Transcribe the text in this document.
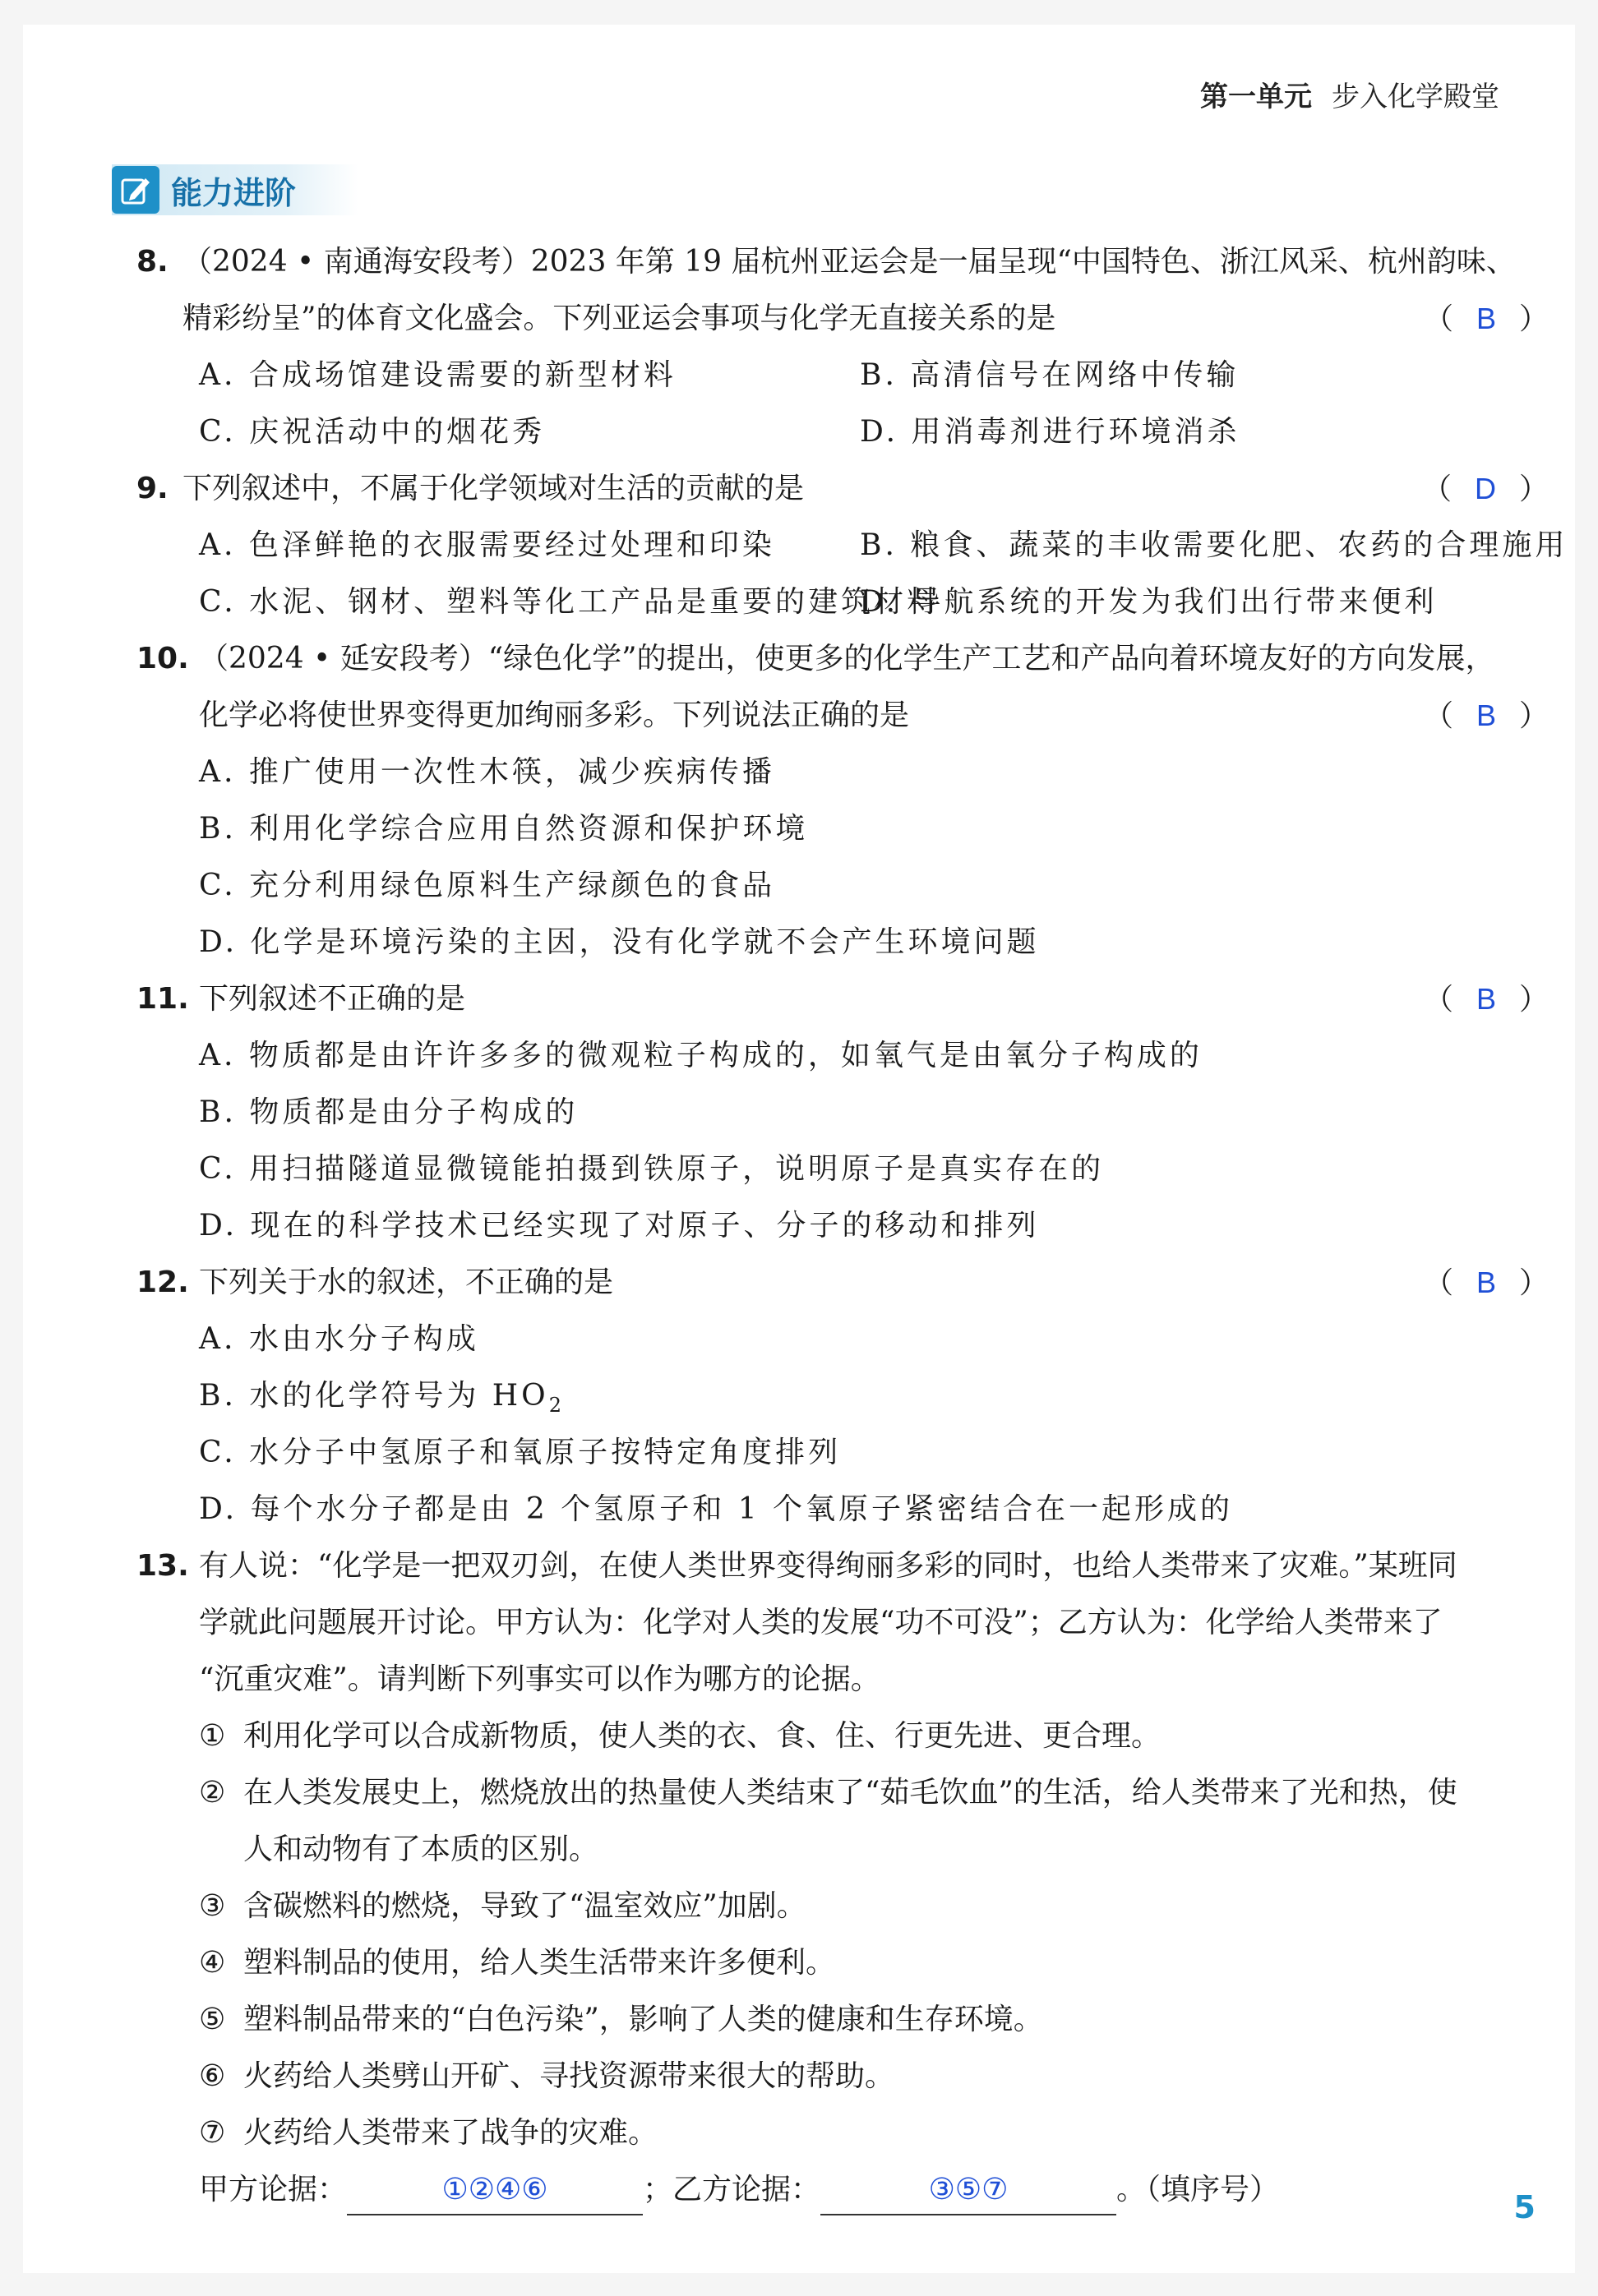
第一单元 步入化学殿堂
能力进阶
8. （2024 • 南通海安段考）2023 年第 19 届杭州亚运会是一届呈现“中国特色、浙江风采、杭州韵味、
精彩纷呈”的体育文化盛会。下列亚运会事项与化学无直接关系的是	（ B ）
A. 合成场馆建设需要的新型材料	B. 高清信号在网络中传输
C. 庆祝活动中的烟花秀	D. 用消毒剂进行环境消杀
9. 下列叙述中，不属于化学领域对生活的贡献的是	（ D ）
A. 色泽鲜艳的衣服需要经过处理和印染	B. 粮食、蔬菜的丰收需要化肥、农药的合理施用
C. 水泥、钢材、塑料等化工产品是重要的建筑材料
D. 导航系统的开发为我们出行带来便利
10. （2024 • 延安段考）“绿色化学”的提出，使更多的化学生产工艺和产品向着环境友好的方向发展，
化学必将使世界变得更加绚丽多彩。下列说法正确的是	（ B ）
A. 推广使用一次性木筷，减少疾病传播
B. 利用化学综合应用自然资源和保护环境
C. 充分利用绿色原料生产绿颜色的食品
D. 化学是环境污染的主因，没有化学就不会产生环境问题
11. 下列叙述不正确的是	（ B ）
A. 物质都是由许许多多的微观粒子构成的，如氧气是由氧分子构成的
B. 物质都是由分子构成的
C. 用扫描隧道显微镜能拍摄到铁原子，说明原子是真实存在的
D. 现在的科学技术已经实现了对原子、分子的移动和排列
12. 下列关于水的叙述，不正确的是	（ B ）
A. 水由水分子构成
B. 水的化学符号为 $HO_2$
C. 水分子中氢原子和氧原子按特定角度排列
D. 每个水分子都是由 2 个氢原子和 1 个氧原子紧密结合在一起形成的
13. 有人说：“化学是一把双刃剑，在使人类世界变得绚丽多彩的同时，也给人类带来了灾难。”某班同
学就此问题展开讨论。甲方认为：化学对人类的发展“功不可没”；乙方认为：化学给人类带来了
“沉重灾难”。请判断下列事实可以作为哪方的论据。
① 利用化学可以合成新物质，使人类的衣、食、住、行更先进、更合理。
② 在人类发展史上，燃烧放出的热量使人类结束了“茹毛饮血”的生活，给人类带来了光和热，使
人和动物有了本质的区别。
③ 含碳燃料的燃烧，导致了“温室效应”加剧。
④ 塑料制品的使用，给人类生活带来许多便利。
⑤ 塑料制品带来的“白色污染”，影响了人类的健康和生存环境。
⑥ 火药给人类劈山开矿、寻找资源带来很大的帮助。
⑦ 火药给人类带来了战争的灾难。
甲方论据：	①②④⑥	；乙方论据：	③⑤⑦	。（填序号）	5
